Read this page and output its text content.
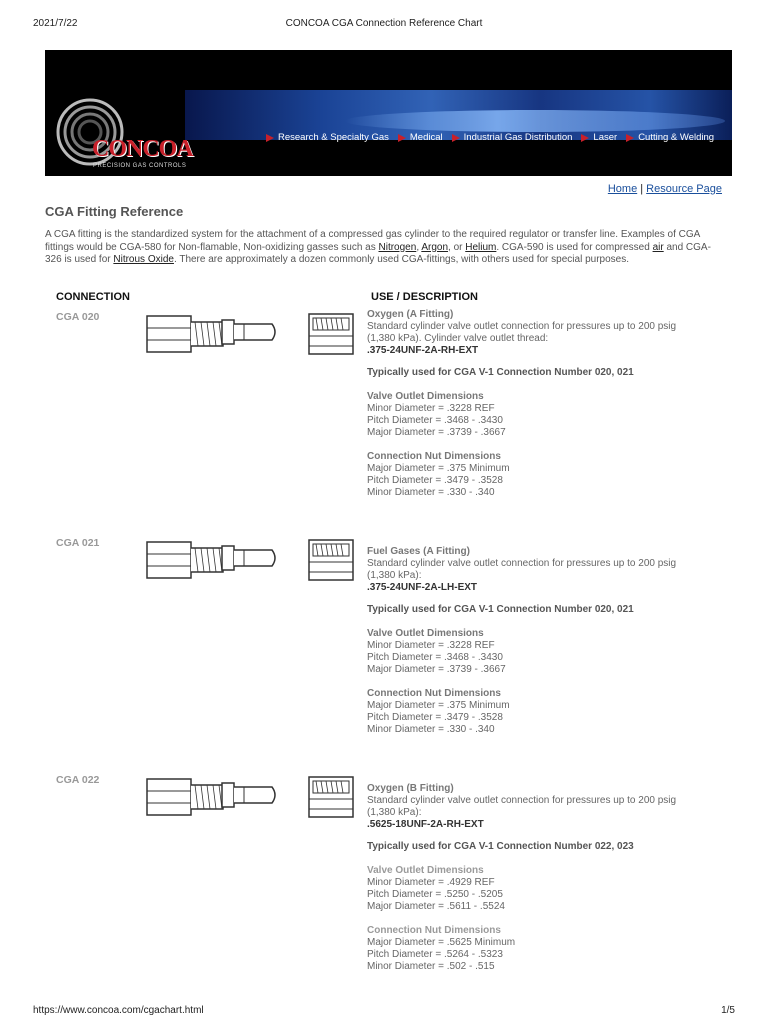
2021/7/22	CONCOA CGA Connection Reference Chart
CONCOA
PRECISION GAS CONTROLS
Research & Specialty Gas Medical Industrial Gas Distribution Laser Cutting & Welding
Home | Resource Page
CGA Fitting Reference
A CGA fitting is the standardized system for the attachment of a compressed gas cylinder to the required regulator or transfer line. Examples of CGA fittings would be CGA-580 for Non-flamable, Non-oxidizing gasses such as Nitrogen, Argon, or Helium. CGA-590 is used for compressed air and CGA-326 is used for Nitrous Oxide. There are approximately a dozen commonly used CGA-fittings, with others used for special purposes.
CONNECTION	USE / DESCRIPTION
CGA 020	Oxygen (A Fitting)
Standard cylinder valve outlet connection for pressures up to 200 psig
(1,380 kPa). Cylinder valve outlet thread:
.375-24UNF-2A-RH-EXT
Typically used for CGA V-1 Connection Number 020, 021
Valve Outlet Dimensions
Minor Diameter = .3228 REF
Pitch Diameter = .3468 - .3430
Major Diameter = .3739 - .3667
Connection Nut Dimensions
Major Diameter = .375 Minimum
Pitch Diameter = .3479 - .3528
Minor Diameter = .330 - .340
CGA 021
Fuel Gases (A Fitting)
Standard cylinder valve outlet connection for pressures up to 200 psig
(1,380 kPa):
.375-24UNF-2A-LH-EXT
Typically used for CGA V-1 Connection Number 020, 021
Valve Outlet Dimensions
Minor Diameter = .3228 REF
Pitch Diameter = .3468 - .3430
Major Diameter = .3739 - .3667
Connection Nut Dimensions
Major Diameter = .375 Minimum
Pitch Diameter = .3479 - .3528
Minor Diameter = .330 - .340
CGA 022
Oxygen (B Fitting)
Standard cylinder valve outlet connection for pressures up to 200 psig
(1,380 kPa):
.5625-18UNF-2A-RH-EXT
Typically used for CGA V-1 Connection Number 022, 023
Valve Outlet Dimensions
Minor Diameter = .4929 REF
Pitch Diameter = .5250 - .5205
Major Diameter = .5611 - .5524
Connection Nut Dimensions
Major Diameter = .5625 Minimum
Pitch Diameter = .5264 - .5323
Minor Diameter = .502 - .515
https://www.concoa.com/cgachart.html	1/5
